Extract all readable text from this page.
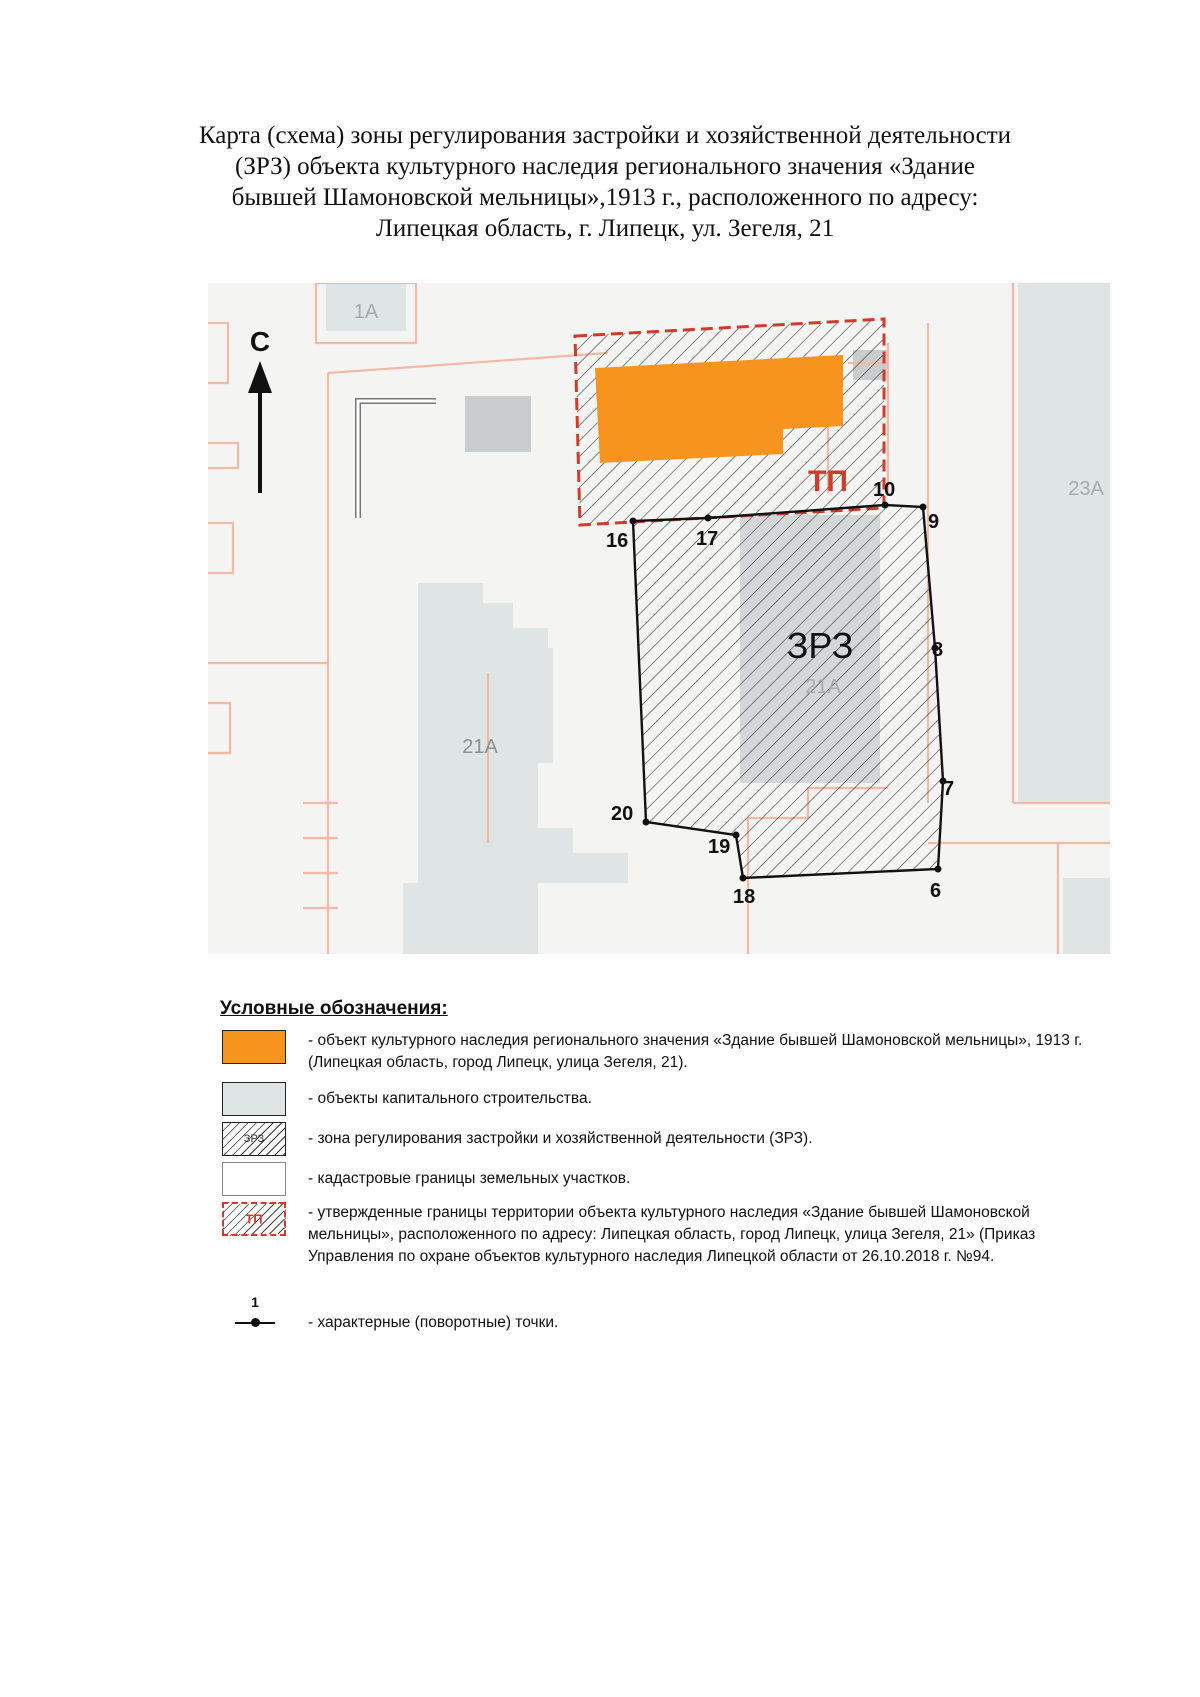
Карта (схема) зоны регулирования застройки и хозяйственной деятельности
(ЗРЗ) объекта культурного наследия регионального значения «Здание
бывшей Шамоновской мельницы»,1913 г., расположенного по адресу:
Липецкая область, г. Липецк, ул. Зегеля, 21
С
1А
23А
21А
21А
ТП
ЗРЗ
16	17
10
9
8
7
6
18
19
20
Условные обозначения:
- объект культурного наследия регионального значения «Здание бывшей Шамоновской мельницы», 1913 г. (Липецкая область, город Липецк, улица Зегеля, 21).
- объекты капитального строительства.
ЗРЗ	- зона регулирования застройки и хозяйственной деятельности (ЗРЗ).
- кадастровые границы земельных участков.
ТП	- утвержденные границы территории объекта культурного наследия «Здание бывшей Шамоновской мельницы», расположенного по адресу: Липецкая область, город Липецк, улица Зегеля, 21» (Приказ Управления по охране объектов культурного наследия Липецкой области от 26.10.2018 г. №94.
1
- характерные (поворотные) точки.
